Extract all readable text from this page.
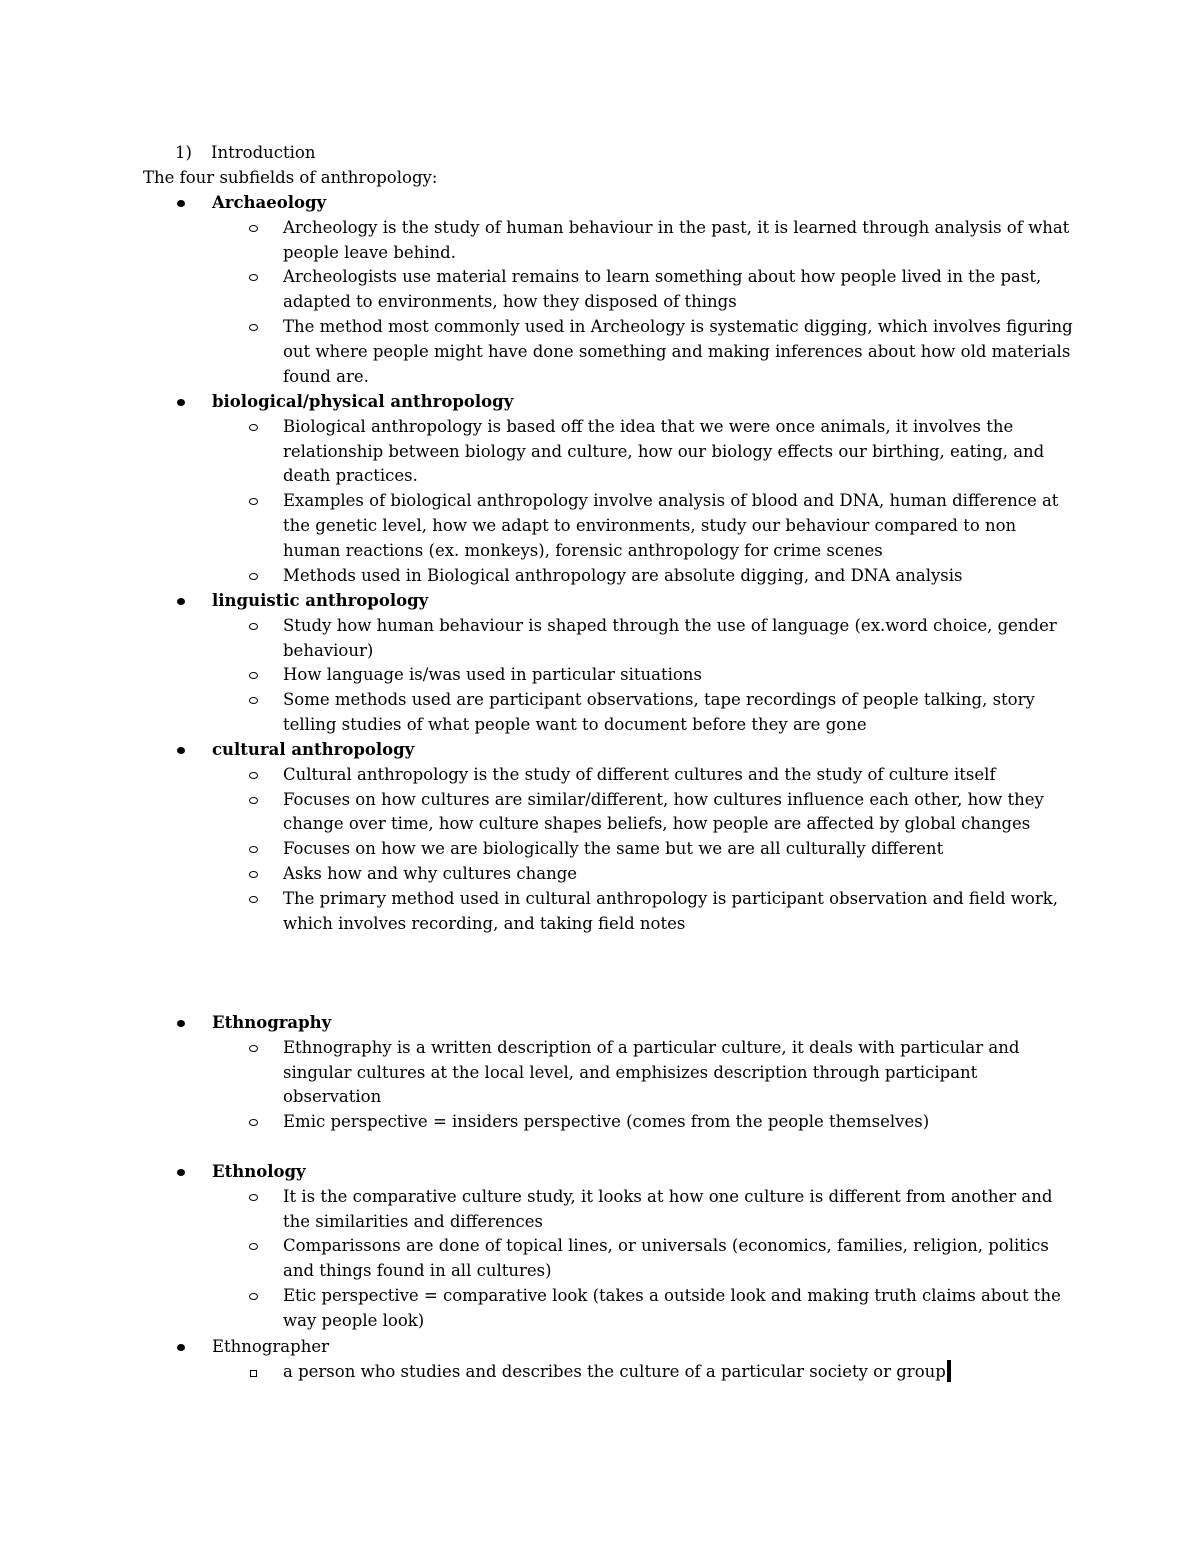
1) Introduction
The four subfields of anthropology:
Archaeology
Archeology is the study of human behaviour in the past, it is learned through analysis of what people leave behind.
Archeologists use material remains to learn something about how people lived in the past, adapted to environments, how they disposed of things
The method most commonly used in Archeology is systematic digging, which involves figuring out where people might have done something and making inferences about how old materials found are.
biological/physical anthropology
Biological anthropology is based off the idea that we were once animals, it involves the relationship between biology and culture, how our biology effects our birthing, eating, and death practices.
Examples of biological anthropology involve analysis of blood and DNA, human difference at the genetic level, how we adapt to environments, study our behaviour compared to non human reactions (ex. monkeys), forensic anthropology for crime scenes
Methods used in Biological anthropology are absolute digging, and DNA analysis
linguistic anthropology
Study how human behaviour is shaped through the use of language (ex.word choice, gender behaviour)
How language is/was used in particular situations
Some methods used are participant observations, tape recordings of people talking, story telling studies of what people want to document before they are gone
cultural anthropology
Cultural anthropology is the study of different cultures and the study of culture itself
Focuses on how cultures are similar/different, how cultures influence each other, how they change over time, how culture shapes beliefs, how people are affected by global changes
Focuses on how we are biologically the same but we are all culturally different
Asks how and why cultures change
The primary method used in cultural anthropology is participant observation and field work, which involves recording, and taking field notes
Ethnography
Ethnography is a written description of a particular culture, it deals with particular and singular cultures at the local level, and emphisizes description through participant observation
Emic perspective = insiders perspective (comes from the people themselves)
Ethnology
It is the comparative culture study, it looks at how one culture is different from another and the similarities and differences
Comparissons are done of topical lines, or universals (economics, families, religion, politics and things found in all cultures)
Etic perspective = comparative look (takes a outside look and making truth claims about the way people look)
Ethnographer
a person who studies and describes the culture of a particular society or group
